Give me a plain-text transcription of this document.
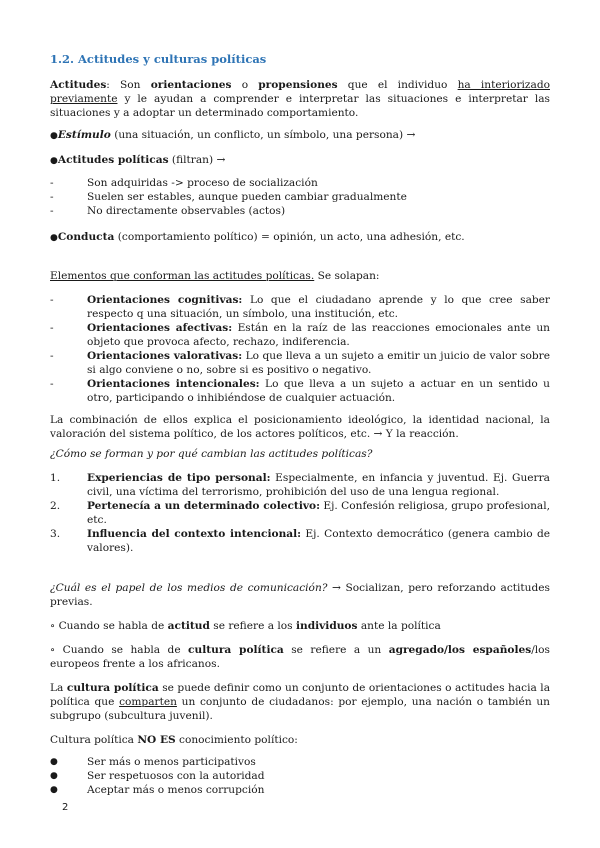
1.2. Actitudes y culturas políticas

Actitudes: Son orientaciones o propensiones que el individuo ha interiorizado previamente y le ayudan a comprender e interpretar las situaciones e interpretar las situaciones y a adoptar un determinado comportamiento.

●Estímulo (una situación, un conflicto, un símbolo, una persona) →

●Actitudes políticas (filtran) →

-	Son adquiridas -> proceso de socialización
-	Suelen ser estables, aunque pueden cambiar gradualmente
-	No directamente observables (actos)

●Conducta (comportamiento político) = opinión, un acto, una adhesión, etc.

Elementos que conforman las actitudes políticas. Se solapan:

-	Orientaciones cognitivas: Lo que el ciudadano aprende y lo que cree saber respecto q una situación, un símbolo, una institución, etc.
-	Orientaciones afectivas: Están en la raíz de las reacciones emocionales ante un objeto que provoca afecto, rechazo, indiferencia.
-	Orientaciones valorativas: Lo que lleva a un sujeto a emitir un juicio de valor sobre si algo conviene o no, sobre si es positivo o negativo.
-	Orientaciones intencionales: Lo que lleva a un sujeto a actuar en un sentido u otro, participando o inhibiéndose de cualquier actuación.

La combinación de ellos explica el posicionamiento ideológico, la identidad nacional, la valoración del sistema político, de los actores políticos, etc. → Y la reacción.

¿Cómo se forman y por qué cambian las actitudes políticas?

1.	Experiencias de tipo personal: Especialmente, en infancia y juventud. Ej. Guerra civil, una víctima del terrorismo, prohibición del uso de una lengua regional.
2.	Pertenecía a un determinado colectivo: Ej. Confesión religiosa, grupo profesional, etc.
3.	Influencia del contexto intencional: Ej. Contexto democrático (genera cambio de valores).

¿Cuál es el papel de los medios de comunicación? → Socializan, pero reforzando actitudes previas.

∘ Cuando se habla de actitud se refiere a los individuos ante la política

∘ Cuando se habla de cultura política se refiere a un agregado/los españoles/los europeos frente a los africanos.

La cultura política se puede definir como un conjunto de orientaciones o actitudes hacia la política que comparten un conjunto de ciudadanos: por ejemplo, una nación o también un subgrupo (subcultura juvenil).

Cultura política NO ES conocimiento político:

●	Ser más o menos participativos
●	Ser respetuosos con la autoridad
●	Aceptar más o menos corrupción
2
